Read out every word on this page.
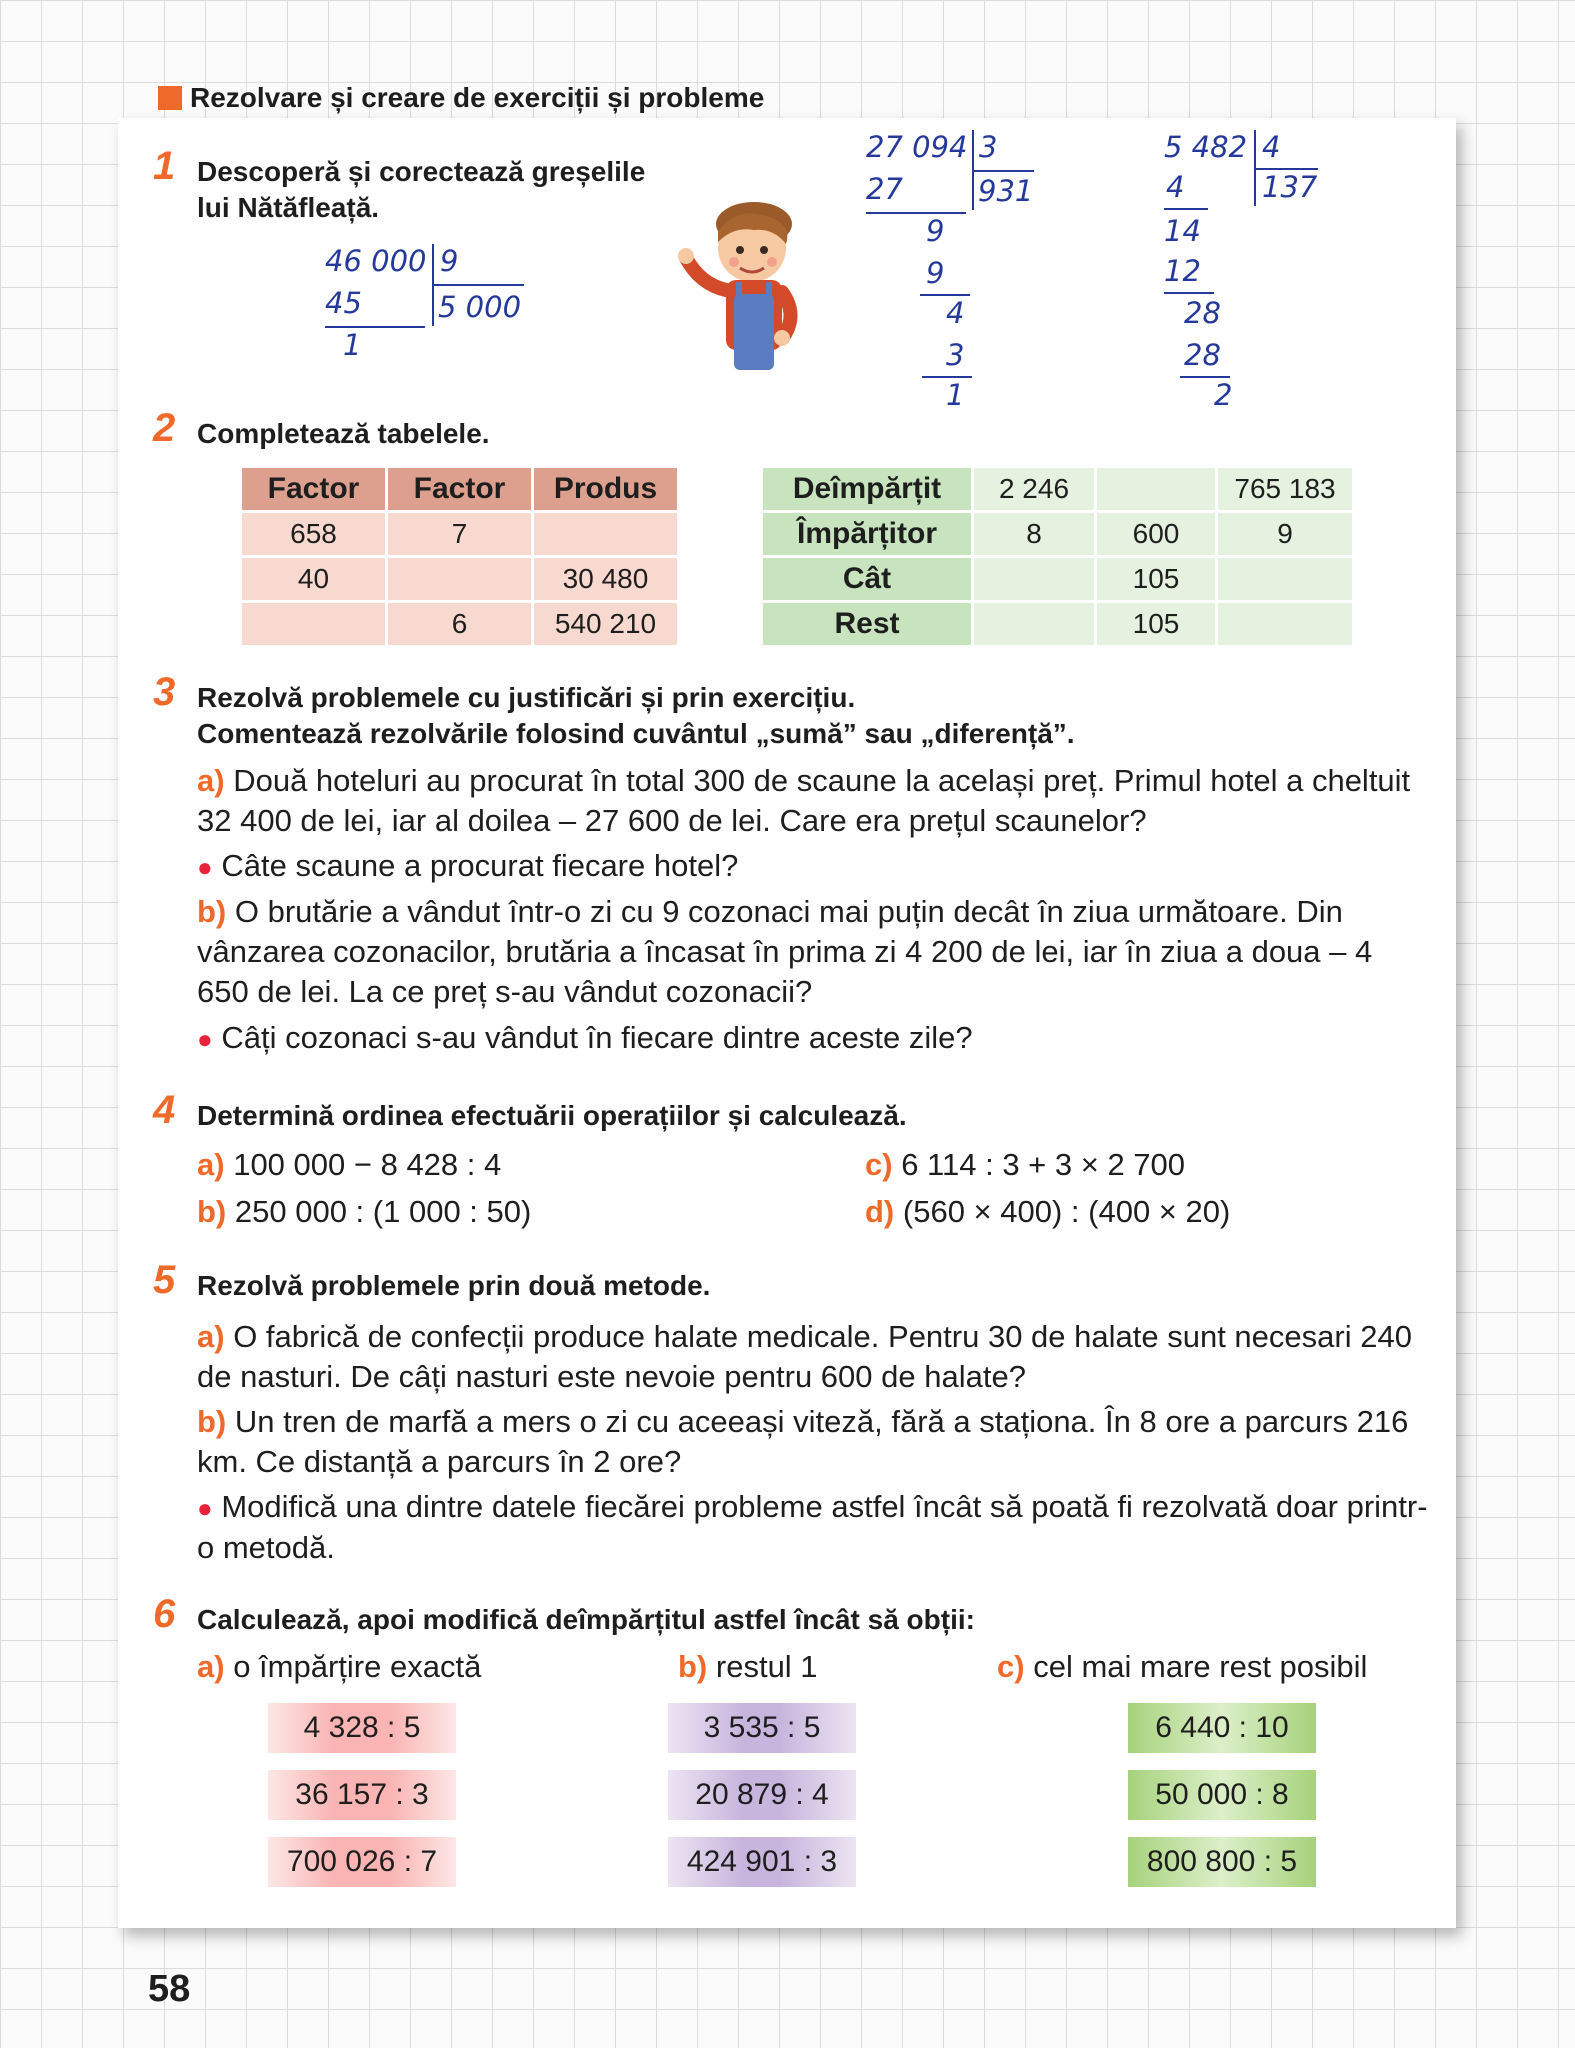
Rezolvare și creare de exerciții și probleme
1 Descoperă și corectează greșelile
lui Nătăfleață.
46 000 9
45	5 000
1
27 094 3
27	931
9
9
4
3
1
5 482 4
4	137
14
12
28
28
2
2 Completează tabelele.
Factor	Factor	Produs
658	7	
40		30 480
	6	540 210
Deîmpărțit	2 246		765 183
Împărțitor	8	600	9
Cât		105	
Rest		105	
3 Rezolvă problemele cu justificări și prin exercițiu.
Comentează rezolvările folosind cuvântul „sumă” sau „diferență”.
a) Două hoteluri au procurat în total 300 de scaune la același preț. Primul hotel a cheltuit 32 400 de lei, iar al doilea – 27 600 de lei. Care era prețul scaunelor?
● Câte scaune a procurat fiecare hotel?
b) O brutărie a vândut într-o zi cu 9 cozonaci mai puțin decât în ziua următoare. Din vânzarea cozonacilor, brutăria a încasat în prima zi 4 200 de lei, iar în ziua a doua – 4 650 de lei. La ce preț s-au vândut cozonacii?
● Câți cozonaci s-au vândut în fiecare dintre aceste zile?
4 Determină ordinea efectuării operațiilor și calculează.
a) 100 000 − 8 428 : 4
b) 250 000 : (1 000 : 50)
c) 6 114 : 3 + 3 × 2 700
d) (560 × 400) : (400 × 20)
5 Rezolvă problemele prin două metode.
a) O fabrică de confecții produce halate medicale. Pentru 30 de halate sunt necesari 240 de nasturi. De câți nasturi este nevoie pentru 600 de halate?
b) Un tren de marfă a mers o zi cu aceeași viteză, fără a staționa. În 8 ore a parcurs 216 km. Ce distanță a parcurs în 2 ore?
● Modifică una dintre datele fiecărei probleme astfel încât să poată fi rezolvată doar printr-o metodă.
6 Calculează, apoi modifică deîmpărțitul astfel încât să obții:
a) o împărțire exactă	b) restul 1	c) cel mai mare rest posibil
4 328 : 5
36 157 : 3
700 026 : 7
3 535 : 5
20 879 : 4
424 901 : 3
6 440 : 10
50 000 : 8
800 800 : 5
58
